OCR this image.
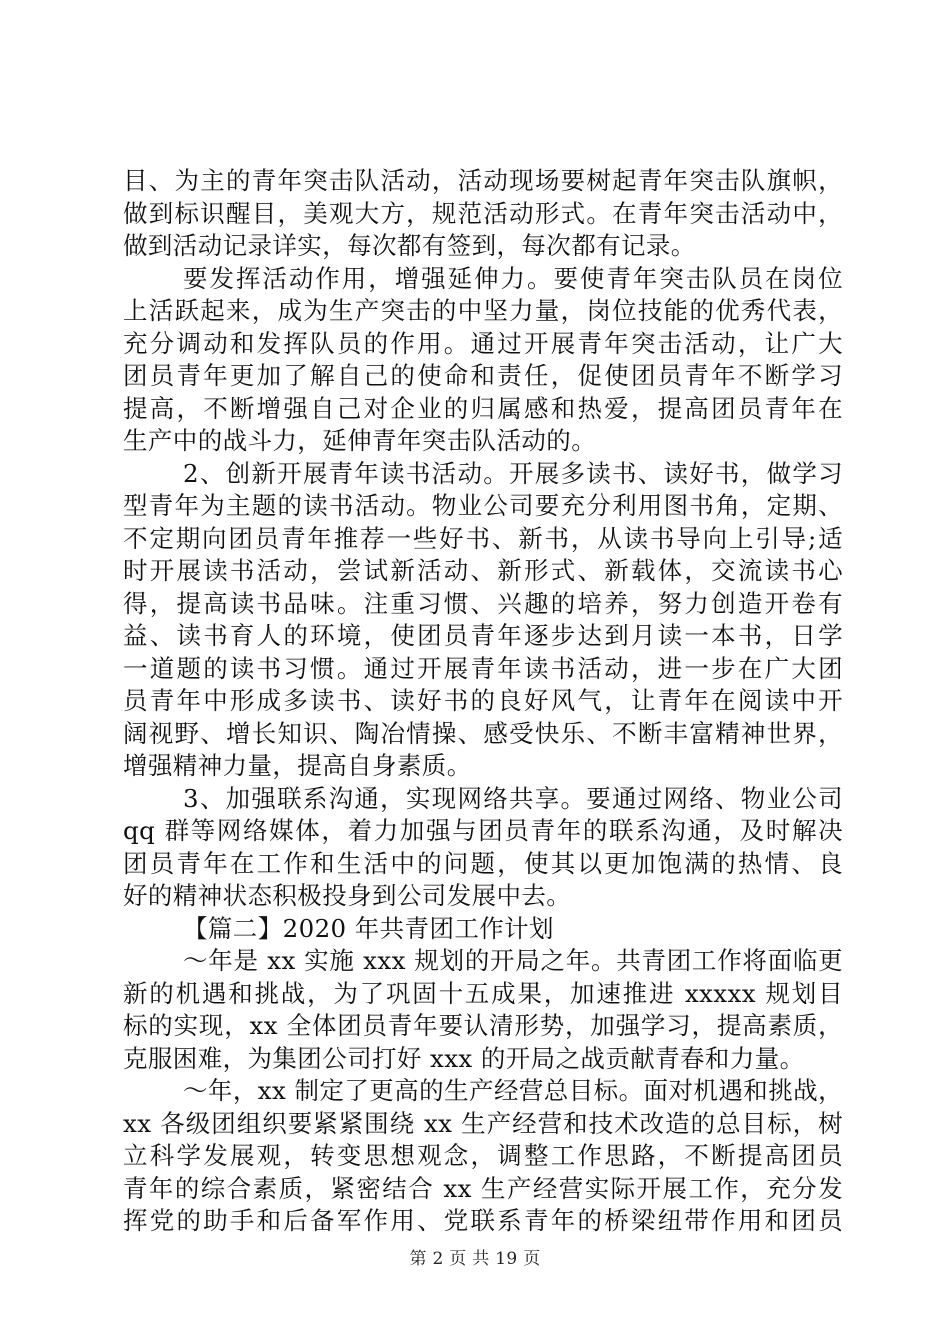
目、为主的青年突击队活动，活动现场要树起青年突击队旗帜，
做到标识醒目，美观大方，规范活动形式。在青年突击活动中，
做到活动记录详实，每次都有签到，每次都有记录。
要发挥活动作用，增强延伸力。要使青年突击队员在岗位
上活跃起来，成为生产突击的中坚力量，岗位技能的优秀代表，
充分调动和发挥队员的作用。通过开展青年突击活动，让广大
团员青年更加了解自己的使命和责任，促使团员青年不断学习
提高，不断增强自己对企业的归属感和热爱，提高团员青年在
生产中的战斗力，延伸青年突击队活动的。
2、创新开展青年读书活动。开展多读书、读好书，做学习
型青年为主题的读书活动。物业公司要充分利用图书角，定期、
不定期向团员青年推荐一些好书、新书，从读书导向上引导;适
时开展读书活动，尝试新活动、新形式、新载体，交流读书心
得，提高读书品味。注重习惯、兴趣的培养，努力创造开卷有
益、读书育人的环境，使团员青年逐步达到月读一本书，日学
一道题的读书习惯。通过开展青年读书活动，进一步在广大团
员青年中形成多读书、读好书的良好风气，让青年在阅读中开
阔视野、增长知识、陶冶情操、感受快乐、不断丰富精神世界，
增强精神力量，提高自身素质。
3、加强联系沟通，实现网络共享。要通过网络、物业公司
qq 群等网络媒体，着力加强与团员青年的联系沟通，及时解决
团员青年在工作和生活中的问题，使其以更加饱满的热情、良
好的精神状态积极投身到公司发展中去。
【篇二】2020 年共青团工作计划
～年是 xx 实施 xxx 规划的开局之年。共青团工作将面临更
新的机遇和挑战，为了巩固十五成果，加速推进 xxxxx 规划目
标的实现，xx 全体团员青年要认清形势，加强学习，提高素质，
克服困难，为集团公司打好 xxx 的开局之战贡献青春和力量。
～年，xx 制定了更高的生产经营总目标。面对机遇和挑战，
xx 各级团组织要紧紧围绕 xx 生产经营和技术改造的总目标，树
立科学发展观，转变思想观念，调整工作思路，不断提高团员
青年的综合素质，紧密结合 xx 生产经营实际开展工作，充分发
挥党的助手和后备军作用、党联系青年的桥梁纽带作用和团员
第 2 页 共 19 页
